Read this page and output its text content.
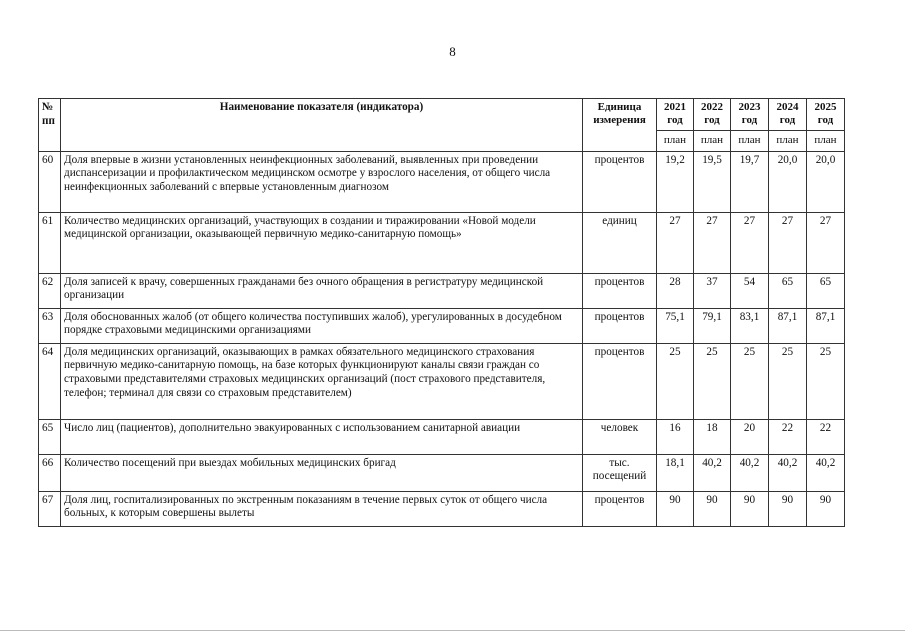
8
№ пп	Наименование показателя (индикатора)	Единица измерения	2021 год	2022 год	2023 год	2024 год	2025 год
			план	план	план	план	план
60	Доля впервые в жизни установленных неинфекционных заболеваний, выявленных при проведении диспансеризации и профилактическом медицинском осмотре у взрослого населения, от общего числа неинфекционных заболеваний с впервые установленным диагнозом	процентов	19,2	19,5	19,7	20,0	20,0
61	Количество медицинских организаций, участвующих в создании и тиражировании «Новой модели медицинской организации, оказывающей первичную медико-санитарную помощь»	единиц	27	27	27	27	27
62	Доля записей к врачу, совершенных гражданами без очного обращения в регистратуру медицинской организации	процентов	28	37	54	65	65
63	Доля обоснованных жалоб (от общего количества поступивших жалоб), урегулированных в досудебном порядке страховыми медицинскими организациями	процентов	75,1	79,1	83,1	87,1	87,1
64	Доля медицинских организаций, оказывающих в рамках обязательного медицинского страхования первичную медико-санитарную помощь, на базе которых функционируют каналы связи граждан со страховыми представителями страховых медицинских организаций (пост страхового представителя, телефон; терминал для связи со страховым представителем)	процентов	25	25	25	25	25
65	Число лиц (пациентов), дополнительно эвакуированных с использованием санитарной авиации	человек	16	18	20	22	22
66	Количество посещений при выездах мобильных медицинских бригад	тыс. посещений	18,1	40,2	40,2	40,2	40,2
67	Доля лиц, госпитализированных по экстренным показаниям в течение первых суток от общего числа больных, к которым совершены вылеты	процентов	90	90	90	90	90
